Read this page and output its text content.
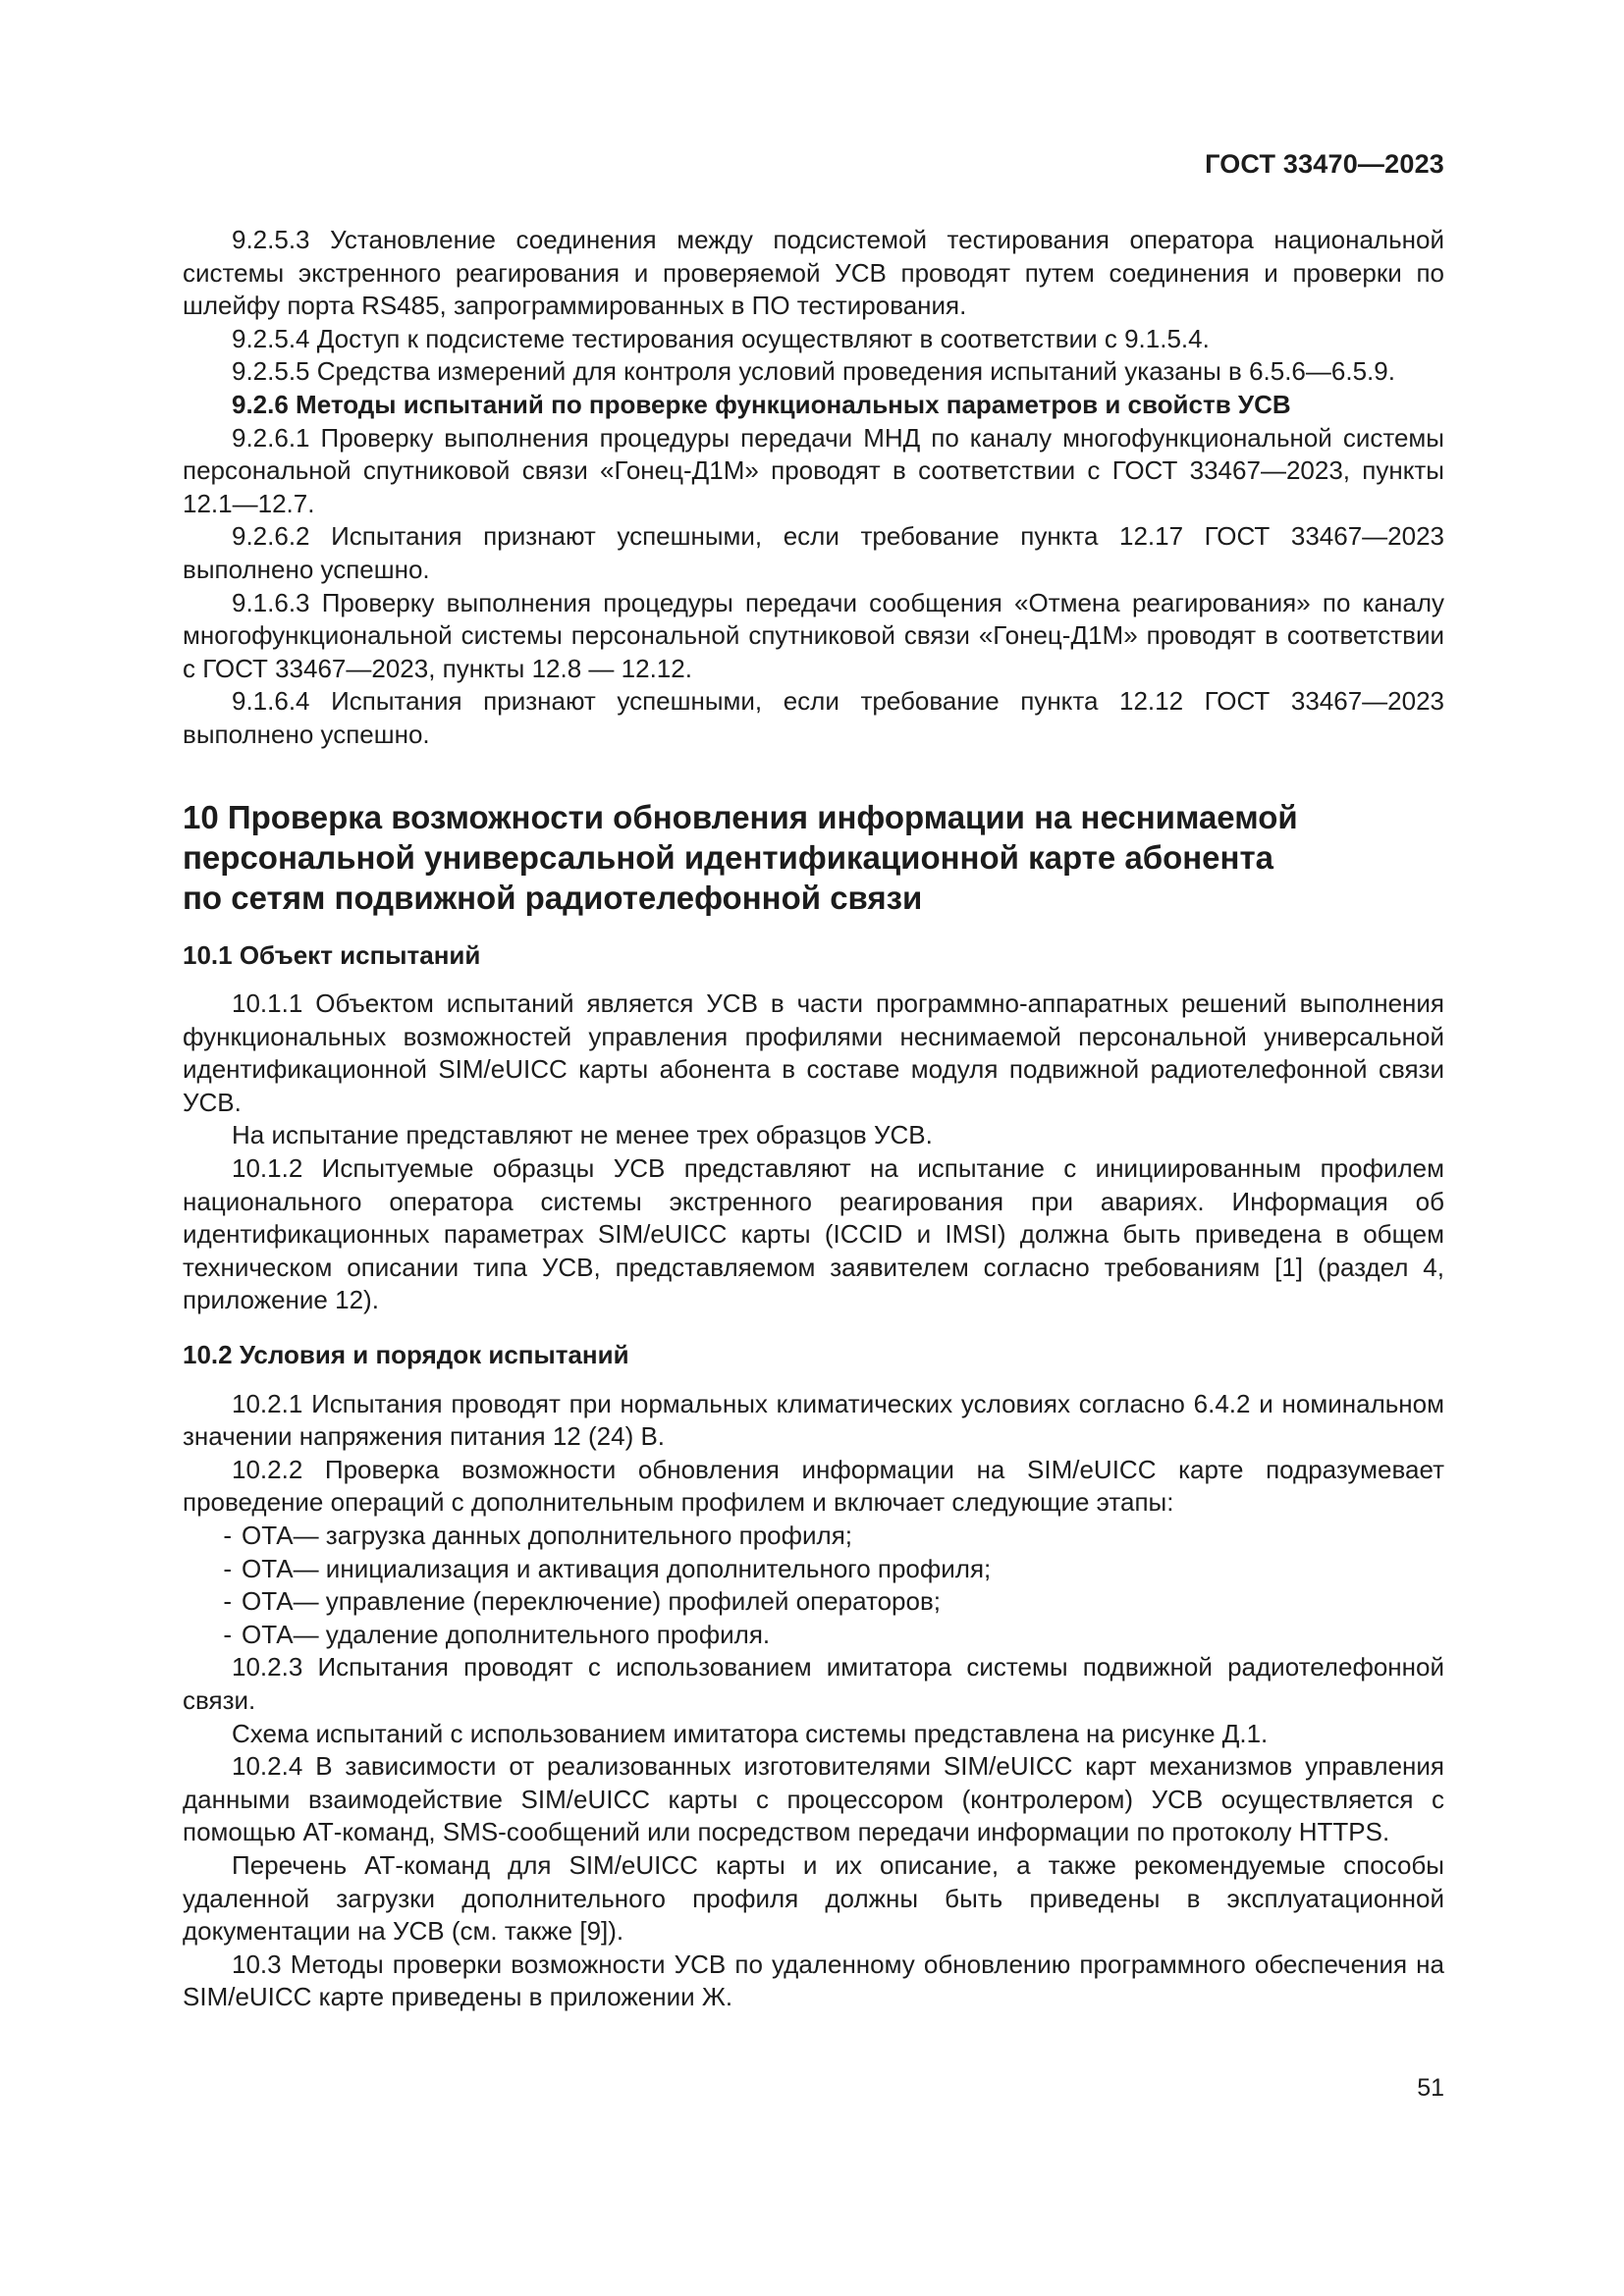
ГОСТ 33470—2023

9.2.5.3 Установление соединения между подсистемой тестирования оператора национальной системы экстренного реагирования и проверяемой УСВ проводят путем соединения и проверки по шлейфу порта RS485, запрограммированных в ПО тестирования.

9.2.5.4 Доступ к подсистеме тестирования осуществляют в соответствии с 9.1.5.4.

9.2.5.5 Средства измерений для контроля условий проведения испытаний указаны в 6.5.6—6.5.9.

9.2.6 Методы испытаний по проверке функциональных параметров и свойств УСВ

9.2.6.1 Проверку выполнения процедуры передачи МНД по каналу многофункциональной системы персональной спутниковой связи «Гонец-Д1М» проводят в соответствии с ГОСТ 33467—2023, пункты 12.1—12.7.

9.2.6.2 Испытания признают успешными, если требование пункта 12.17 ГОСТ 33467—2023 выполнено успешно.

9.1.6.3 Проверку выполнения процедуры передачи сообщения «Отмена реагирования» по каналу многофункциональной системы персональной спутниковой связи «Гонец-Д1М» проводят в соответствии с ГОСТ 33467—2023, пункты 12.8 — 12.12.

9.1.6.4 Испытания признают успешными, если требование пункта 12.12 ГОСТ 33467—2023 выполнено успешно.

10 Проверка возможности обновления информации на неснимаемой
персональной универсальной идентификационной карте абонента
по сетям подвижной радиотелефонной связи
10.1 Объект испытаний

10.1.1 Объектом испытаний является УСВ в части программно-аппаратных решений выполнения функциональных возможностей управления профилями неснимаемой персональной универсальной идентификационной SIM/eUICC карты абонента в составе модуля подвижной радиотелефонной связи УСВ.

На испытание представляют не менее трех образцов УСВ.

10.1.2 Испытуемые образцы УСВ представляют на испытание с инициированным профилем национального оператора системы экстренного реагирования при авариях. Информация об идентификационных параметрах SIM/eUICC карты (ICCID и IMSI) должна быть приведена в общем техническом описании типа УСВ, представляемом заявителем согласно требованиям [1] (раздел 4, приложение 12).

10.2 Условия и порядок испытаний

10.2.1 Испытания проводят при нормальных климатических условиях согласно 6.4.2 и номинальном значении напряжения питания 12 (24) В.

10.2.2 Проверка возможности обновления информации на SIM/eUICC карте подразумевает проведение операций с дополнительным профилем и включает следующие этапы:

- ОТА— загрузка данных дополнительного профиля;

- ОТА— инициализация и активация дополнительного профиля;

- ОТА— управление (переключение) профилей операторов;

- ОТА— удаление дополнительного профиля.

10.2.3 Испытания проводят с использованием имитатора системы подвижной радиотелефонной связи.

Схема испытаний с использованием имитатора системы представлена на рисунке Д.1.

10.2.4 В зависимости от реализованных изготовителями SIM/eUICC карт механизмов управления данными взаимодействие SIM/eUICC карты с процессором (контролером) УСВ осуществляется с помощью АТ-команд, SMS-сообщений или посредством передачи информации по протоколу HTTPS.

Перечень АТ-команд для SIM/eUICC карты и их описание, а также рекомендуемые способы удаленной загрузки дополнительного профиля должны быть приведены в эксплуатационной документации на УСВ (см. также [9]).

10.3 Методы проверки возможности УСВ по удаленному обновлению программного обеспечения на SIM/eUICC карте приведены в приложении Ж.

51
